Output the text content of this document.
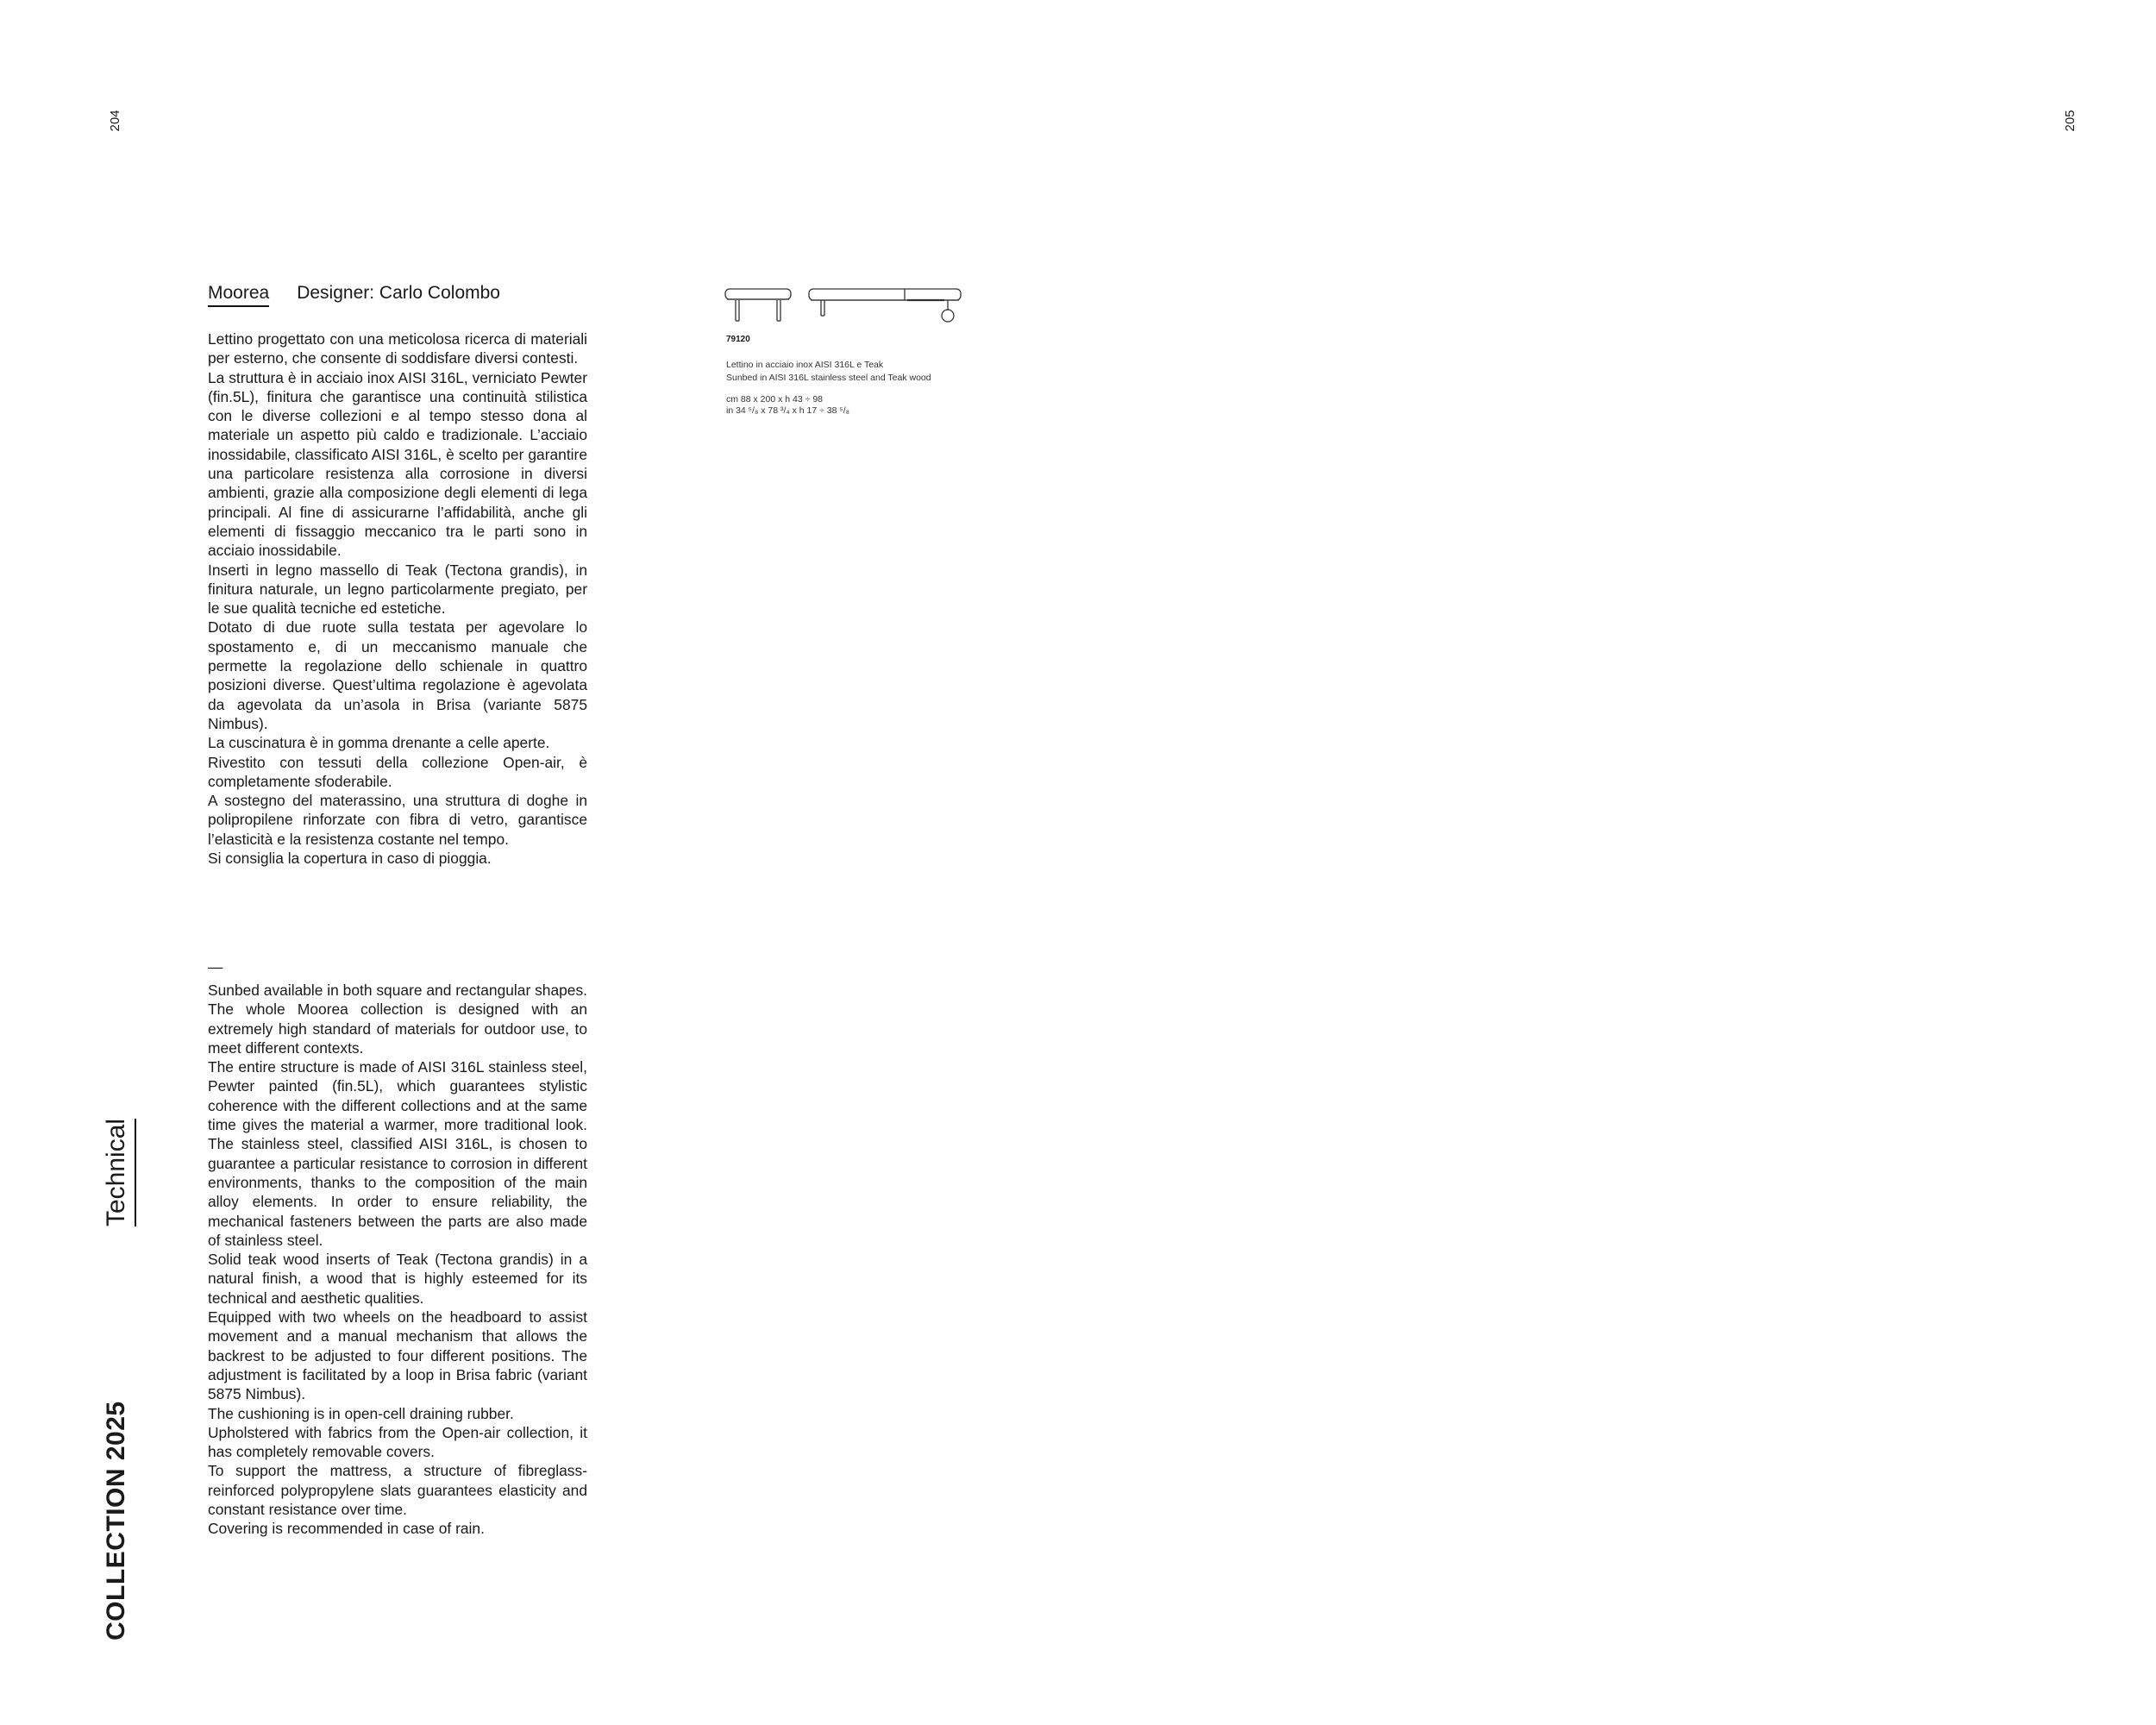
204	205
Technical
COLLECTION 2025
Moorea Designer: Carlo Colombo

Lettino progettato con una meticolosa ricerca di materiali per esterno, che consente di soddisfare diversi contesti.

La struttura è in acciaio inox AISI 316L, verniciato Pewter (fin.5L), finitura che garantisce una continuità stilistica con le diverse collezioni e al tempo stesso dona al materiale un aspetto più caldo e tradizionale. L’acciaio inossidabile, classificato AISI 316L, è scelto per garantire una particolare resistenza alla corrosione in diversi ambienti, grazie alla composizione degli elementi di lega principali. Al fine di assicurarne l’affidabilità, anche gli elementi di fissaggio meccanico tra le parti sono in acciaio inossidabile.

Inserti in legno massello di Teak (Tectona grandis), in finitura naturale, un legno particolarmente pregiato, per le sue qualità tecniche ed estetiche.

Dotato di due ruote sulla testata per agevolare lo spostamento e, di un meccanismo manuale che permette la regolazione dello schienale in quattro posizioni diverse. Quest’ultima regolazione è agevolata da agevolata da un’asola in Brisa (variante 5875 Nimbus).

La cuscinatura è in gomma drenante a celle aperte.

Rivestito con tessuti della collezione Open-air, è completamente sfoderabile.

A sostegno del materassino, una struttura di doghe in polipropilene rinforzate con fibra di vetro, garantisce l’elasticità e la resistenza costante nel tempo.

Si consiglia la copertura in caso di pioggia.

—

Sunbed available in both square and rectangular shapes. The whole Moorea collection is designed with an extremely high standard of materials for outdoor use, to meet different contexts.

The entire structure is made of AISI 316L stainless steel, Pewter painted (fin.5L), which guarantees stylistic coherence with the different collections and at the same time gives the material a warmer, more traditional look. The stainless steel, classified AISI 316L, is chosen to guarantee a particular resistance to corrosion in different environments, thanks to the composition of the main alloy elements. In order to ensure reliability, the mechanical fasteners between the parts are also made of stainless steel.

Solid teak wood inserts of Teak (Tectona grandis) in a natural finish, a wood that is highly esteemed for its technical and aesthetic qualities.

Equipped with two wheels on the headboard to assist movement and a manual mechanism that allows the backrest to be adjusted to four different positions. The adjustment is facilitated by a loop in Brisa fabric (variant 5875 Nimbus).

The cushioning is in open-cell draining rubber.

Upholstered with fabrics from the Open-air collection, it has completely removable covers.

To support the mattress, a structure of fibreglass-reinforced polypropylene slats guarantees elasticity and constant resistance over time.

Covering is recommended in case of rain.

79120
Lettino in acciaio inox AISI 316L e Teak
Sunbed in AISI 316L stainless steel and Teak wood
cm 88 x 200 x h 43 ÷ 98
in 34 ⁵/₈ x 78 ³/₄ x h 17 ÷ 38 ⁵/₈
